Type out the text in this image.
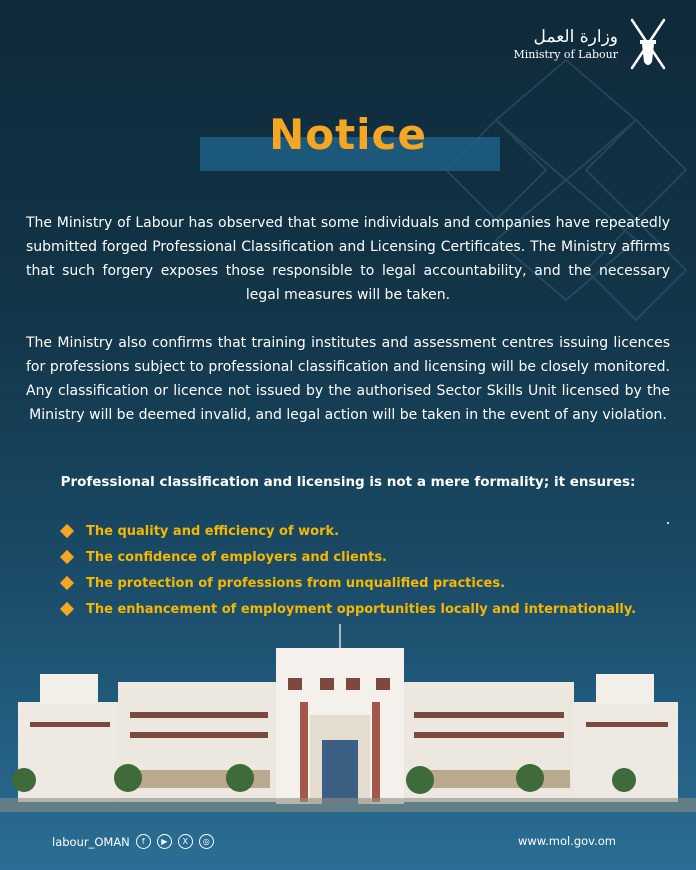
وزارة العمل
Ministry of Labour
Notice
The Ministry of Labour has observed that some individuals and companies have repeatedly submitted forged Professional Classification and Licensing Certificates. The Ministry affirms that such forgery exposes those responsible to legal accountability, and the necessary legal measures will be taken.
The Ministry also confirms that training institutes and assessment centres issuing licences for professions subject to professional classification and licensing will be closely monitored. Any classification or licence not issued by the authorised Sector Skills Unit licensed by the Ministry will be deemed invalid, and legal action will be taken in the event of any violation.
Professional classification and licensing is not a mere formality; it ensures:
The quality and efficiency of work.
The confidence of employers and clients.
The protection of professions from unqualified practices.
The enhancement of employment opportunities locally and internationally.
labour_OMAN	f	▶	X	◎	www.mol.gov.om
